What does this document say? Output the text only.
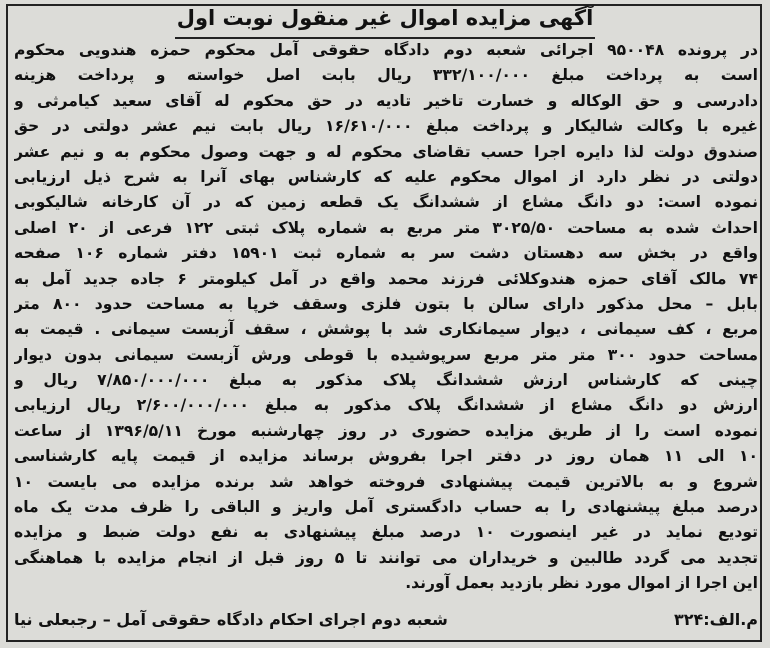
آگهی مزایده اموال غیر منقول نوبت اول
در پرونده ۹۵۰۰۴۸ اجرائی شعبه دوم دادگاه حقوقی آمل محکوم حمزه هندویی محکوم
است به پرداخت مبلغ ۳۳۲/۱۰۰/۰۰۰ ریال بابت اصل خواسته و پرداخت هزینه
دادرسی و حق الوکاله و خسارت تاخیر تادیه در حق محکوم له آقای سعید کیامرثی و
غیره با وکالت شالیکار و پرداخت مبلغ ۱۶/۶۱۰/۰۰۰ ریال بابت نیم عشر دولتی در حق
صندوق دولت لذا دایره اجرا حسب تقاضای محکوم له و جهت وصول محکوم به و نیم عشر
دولتی در نظر دارد از اموال محکوم علیه که کارشناس بهای آنرا به شرح ذیل ارزیابی
نموده است: دو دانگ مشاع از ششدانگ یک قطعه زمین که در آن کارخانه شالیکوبی
احداث شده به مساحت ۳۰۲۵/۵۰ متر مربع به شماره پلاک ثبتی ۱۲۲ فرعی از ۲۰ اصلی
واقع در بخش سه دهستان دشت سر به شماره ثبت ۱۵۹۰۱ دفتر شماره ۱۰۶ صفحه
۷۴ مالک آقای حمزه هندوکلائی فرزند محمد واقع در آمل کیلومتر ۶ جاده جدید آمل به
بابل – محل مذکور دارای سالن با بتون فلزی وسقف خرپا به مساحت حدود ۸۰۰ متر
مربع ، کف سیمانی ، دیوار سیمانکاری شد با پوشش ، سقف آزبست سیمانی . قیمت به
مساحت حدود ۳۰۰ متر متر مربع سرپوشیده با قوطی ورش آزبست سیمانی بدون دیوار
چینی که کارشناس ارزش ششدانگ پلاک مذکور به مبلغ ۷/۸۵۰/۰۰۰/۰۰۰ ریال و
ارزش دو دانگ مشاع از ششدانگ پلاک مذکور به مبلغ ۲/۶۰۰/۰۰۰/۰۰۰ ریال ارزیابی
نموده است را از طریق مزایده حضوری در روز چهارشنبه مورخ ۱۳۹۶/۵/۱۱ از ساعت
۱۰ الی ۱۱ همان روز در دفتر اجرا بفروش برساند مزایده از قیمت پایه کارشناسی
شروع و به بالاترین قیمت پیشنهادی فروخته خواهد شد برنده مزایده می بایست ۱۰
درصد مبلغ پیشنهادی را به حساب دادگستری آمل واریز و الباقی را ظرف مدت یک ماه
تودیع نماید در غیر اینصورت ۱۰ درصد مبلغ پیشنهادی به نفع دولت ضبط و مزایده
تجدید می گردد طالبین و خریداران می توانند تا ۵ روز قبل از انجام مزایده با هماهنگی
این اجرا از اموال مورد نظر بازدید بعمل آورند.
م.الف:۳۲۴
شعبه دوم اجرای احکام دادگاه حقوقی آمل – رجبعلی نیا
